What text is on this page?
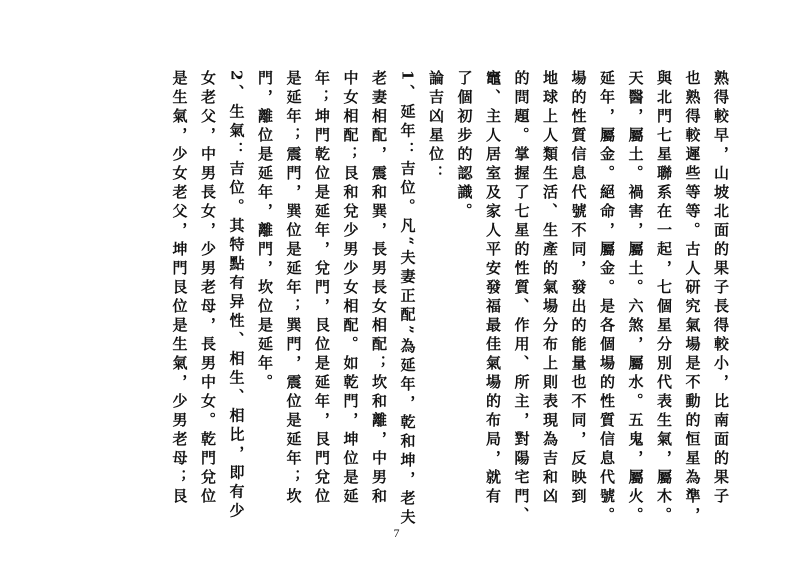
熟得較早，山坡北面的果子長得較小，比南面的果子
也熟得較遲些等等。古人研究氣場是不動的恒星為準，
與北門七星聯系在一起，七個星分別代表生氣，屬木。
天醫，屬土。禍害，屬土。六煞，屬水。五鬼，屬火。
延年，屬金。絕命，屬金。是各個場的性質信息代號。
場的性質信息代號不同，發出的能量也不同，反映到
地球上人類生活、生產的氣場分布上則表現為吉和凶
的問題。掌握了七星的性質、作用、所主，對陽宅門、
竈、主人居室及家人平安發福最佳氣場的布局，就有
了個初步的認識。
論吉凶星位：
1、延年：吉位。凡“夫妻正配”為延年，乾和坤，老夫
老妻相配，震和巽，長男長女相配；坎和離，中男和
中女相配；艮和兌少男少女相配。如乾門，坤位是延
年；坤門乾位是延年，兌門，艮位是延年，艮門兌位
是延年；震門，巽位是延年；巽門，震位是延年；坎
門，離位是延年，離門，坎位是延年。
2、生氣：吉位。其特點有异性、相生、相比，即有少
女老父，中男長女，少男老母，長男中女。乾門兌位
是生氣，少女老父，坤門艮位是生氣，少男老母；艮
7
